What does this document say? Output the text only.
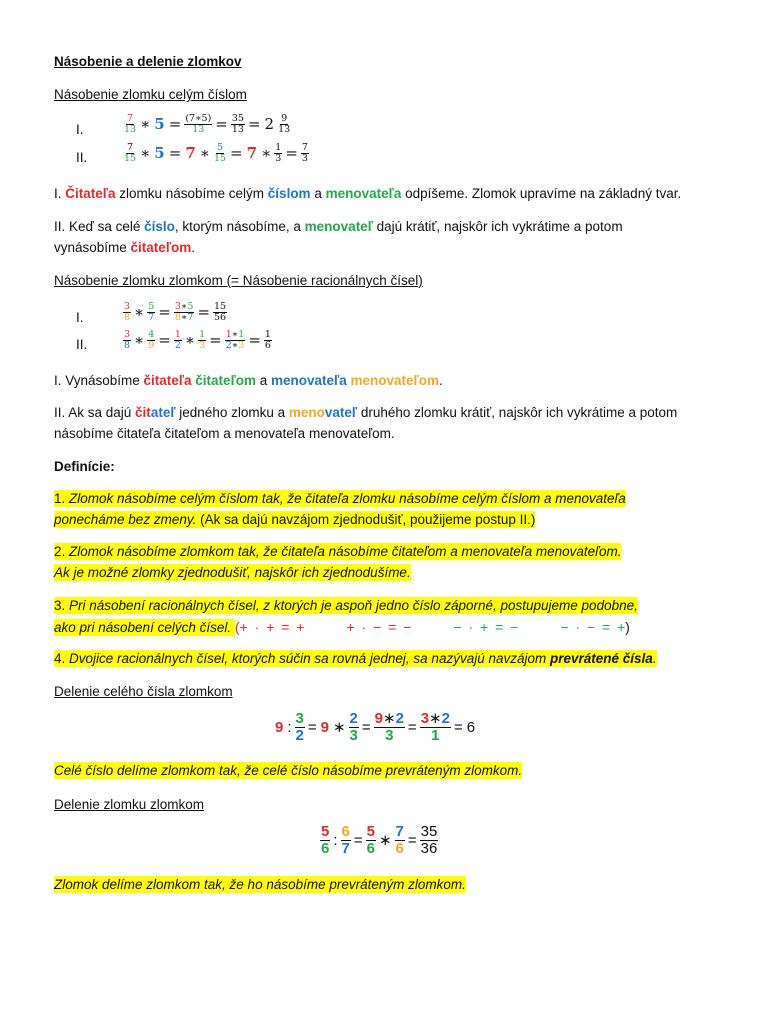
Násobenie a delenie zlomkov
Násobenie zlomku celým číslom
I.	$\frac{7}{13}$ ∗ $5 = \frac{(7∗5)}{13} = \frac{35}{13} = 2 \frac{9}{13}$
II.	$\frac{7}{15}$ ∗ 5 = 7 ∗ $\frac{5}{15} = 7$ ∗ $\frac{1}{3} = \frac{7}{3}$
I. Čitateľa zlomku násobíme celým číslom a menovateľa odpíšeme. Zlomok upravíme na základný tvar.
II. Keď sa celé číslo, ktorým násobíme, a menovateľ dajú krátiť, najskôr ich vykrátime a potom
vynásobíme čitateľom.
Násobenie zlomku zlomkom (= Násobenie racionálnych čísel)
I.	$\frac{3}{8}$ ∗ $\frac{5}{7} = \frac{3∗5}{8∗7} = \frac{15}{56}$
II.	$\frac{3}{8}$ ∗ $\frac{4}{9} = \frac{1}{2}$ ∗ $\frac{1}{3} = \frac{1∗1}{2∗3} = \frac{1}{6}$
I. Vynásobíme čitateľa čitateľom a menovateľa menovateľom.
II. Ak sa dajú čitateľ jedného zlomku a menovateľ druhého zlomku krátiť, najskôr ich vykrátime a potom
násobíme čitateľa čitateľom a menovateľa menovateľom.
Definície:
1. Zlomok násobíme celým číslom tak, že čitateľa zlomku násobíme celým číslom a menovateľa
ponecháme bez zmeny. (Ak sa dajú navzájom zjednodušiť, použijeme postup II.)
2. Zlomok násobíme zlomkom tak, že čitateľa násobíme čitateľom a menovateľa menovateľom.
Ak je možné zlomky zjednodušiť, najskôr ich zjednodušíme.
3. Pri násobení racionálnych čísel, z ktorých je aspoň jedno číslo záporné, postupujeme podobne,
ako pri násobení celých čísel. (+ · + = +	+ · − = −	− · + = −	− · − = +)
4. Dvojice racionálnych čísel, ktorých súčin sa rovná jednej, sa nazývajú navzájom prevrátené čísla.
Delenie celého čísla zlomkom
9 : $\frac{3}{2} = 9$ ∗ $\frac{2}{3} = \frac{9∗2}{3} = \frac{3∗2}{1} = 6$
Celé číslo delíme zlomkom tak, že celé číslo násobíme prevráteným zlomkom.
Delenie zlomku zlomkom
$\frac{5}{6}$ : $\frac{6}{7} = \frac{5}{6}$ ∗ $\frac{7}{6} = \frac{35}{36}$
Zlomok delíme zlomkom tak, že ho násobíme prevráteným zlomkom.
